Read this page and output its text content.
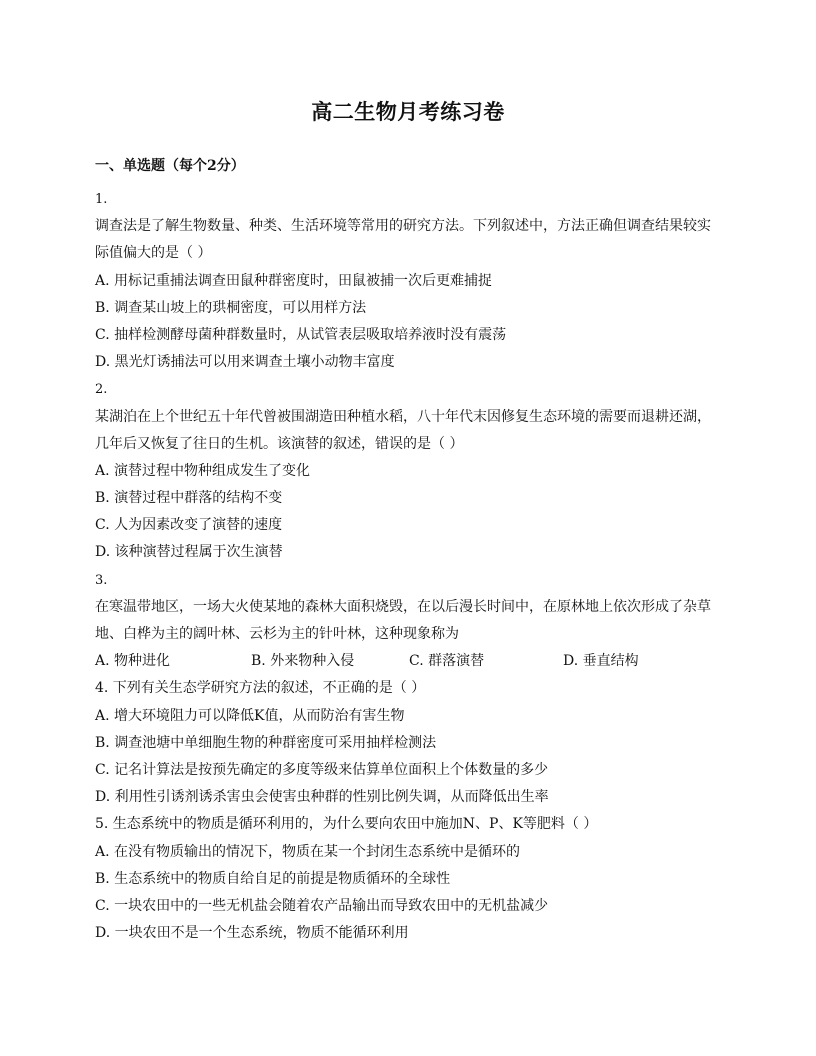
高二生物月考练习卷
一、单选题（每个2分）
1.
调查法是了解生物数量、种类、生活环境等常用的研究方法。下列叙述中，方法正确但调查结果较实
际值偏大的是（ ）
A. 用标记重捕法调查田鼠种群密度时，田鼠被捕一次后更难捕捉
B. 调查某山坡上的珙桐密度，可以用样方法
C. 抽样检测酵母菌种群数量时，从试管表层吸取培养液时没有震荡
D. 黑光灯诱捕法可以用来调查土壤小动物丰富度
2.
某湖泊在上个世纪五十年代曾被围湖造田种植水稻，八十年代末因修复生态环境的需要而退耕还湖，
几年后又恢复了往日的生机。该演替的叙述，错误的是（ ）
A. 演替过程中物种组成发生了变化
B. 演替过程中群落的结构不变
C. 人为因素改变了演替的速度
D. 该种演替过程属于次生演替
3.
在寒温带地区，一场大火使某地的森林大面积烧毁，在以后漫长时间中，在原林地上依次形成了杂草
地、白桦为主的阔叶林、云杉为主的针叶林，这种现象称为
A. 物种进化	B. 外来物种入侵	C. 群落演替	D. 垂直结构
4. 下列有关生态学研究方法的叙述，不正确的是（ ）
A. 增大环境阻力可以降低K值，从而防治有害生物
B. 调查池塘中单细胞生物的种群密度可采用抽样检测法
C. 记名计算法是按预先确定的多度等级来估算单位面积上个体数量的多少
D. 利用性引诱剂诱杀害虫会使害虫种群的性别比例失调，从而降低出生率
5. 生态系统中的物质是循环利用的，为什么要向农田中施加N、P、K等肥料（ ）
A. 在没有物质输出的情况下，物质在某一个封闭生态系统中是循环的
B. 生态系统中的物质自给自足的前提是物质循环的全球性
C. 一块农田中的一些无机盐会随着农产品输出而导致农田中的无机盐减少
D. 一块农田不是一个生态系统，物质不能循环利用
